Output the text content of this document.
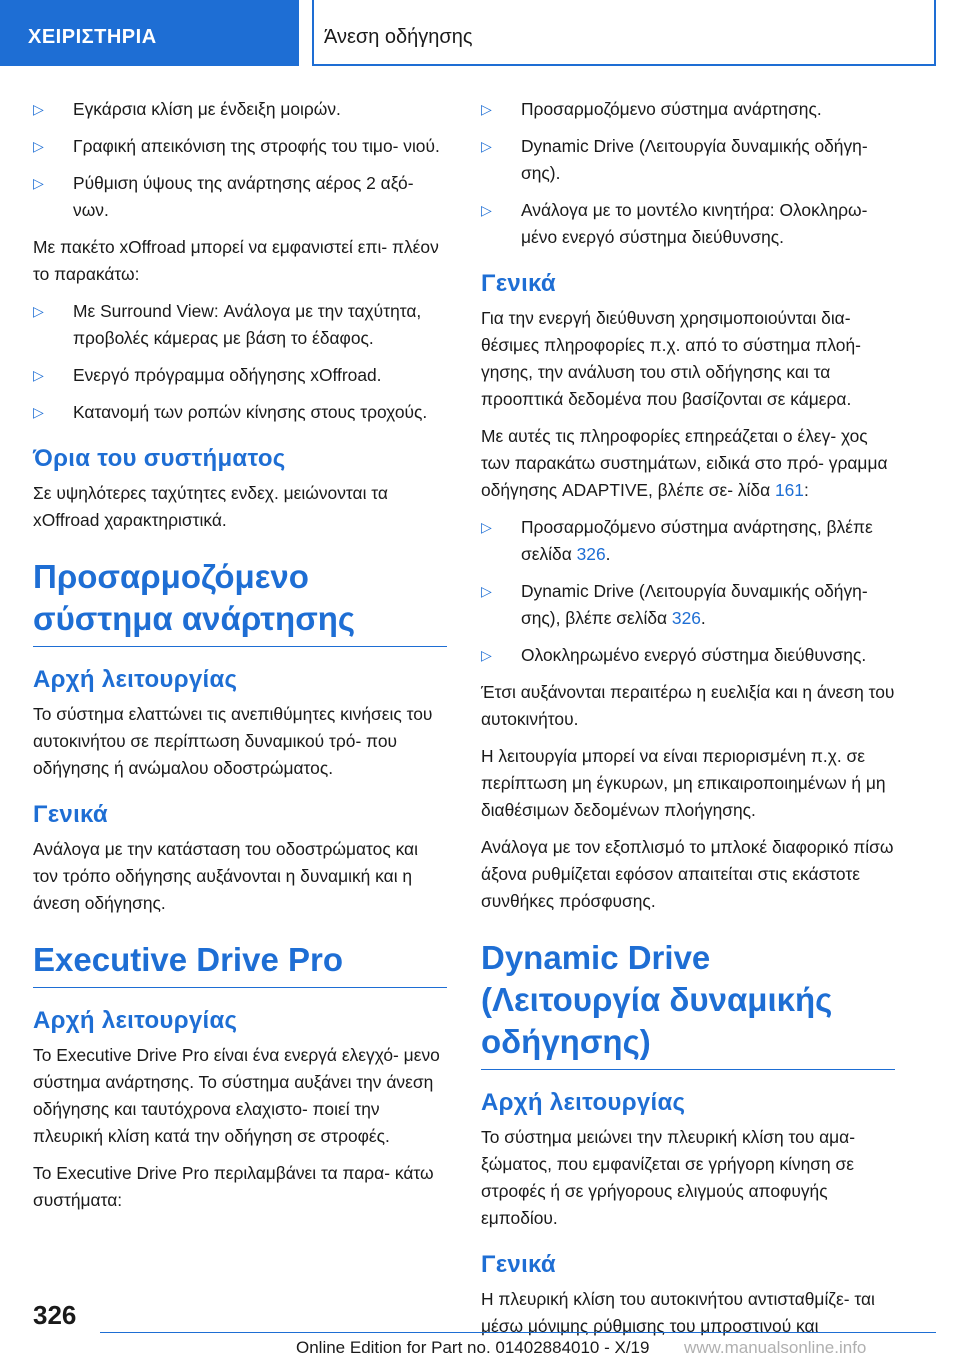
ΧΕΙΡΙΣΤΗΡΙΑ	Άνεση οδήγησης
▷ Εγκάρσια κλίση με ένδειξη μοιρών.
▷ Γραφική απεικόνιση της στροφής του τιμο- νιού.
▷ Ρύθμιση ύψους της ανάρτησης αέρος 2 αξό- νων.

Με πακέτο xOffroad μπορεί να εμφανιστεί επι- πλέον το παρακάτω:

▷ Με Surround View: Ανάλογα με την ταχύτητα, προβολές κάμερας με βάση το έδαφος.
▷ Ενεργό πρόγραμμα οδήγησης xOffroad.
▷ Κατανομή των ροπών κίνησης στους τροχούς.
Όρια του συστήματος

Σε υψηλότερες ταχύτητες ενδεχ. μειώνονται τα xOffroad χαρακτηριστικά.

Προσαρμοζόμενο σύστημα ανάρτησης
Αρχή λειτουργίας

Το σύστημα ελαττώνει τις ανεπιθύμητες κινήσεις του αυτοκινήτου σε περίπτωση δυναμικού τρό- που οδήγησης ή ανώμαλου οδοστρώματος.

Γενικά

Ανάλογα με την κατάσταση του οδοστρώματος και τον τρόπο οδήγησης αυξάνονται η δυναμική και η άνεση οδήγησης.

Executive Drive Pro
Αρχή λειτουργίας

Το Executive Drive Pro είναι ένα ενεργά ελεγχό- μενο σύστημα ανάρτησης. Το σύστημα αυξάνει την άνεση οδήγησης και ταυτόχρονα ελαχιστο- ποιεί την πλευρική κλίση κατά την οδήγηση σε στροφές.

Το Executive Drive Pro περιλαμβάνει τα παρα- κάτω συστήματα:

▷ Προσαρμοζόμενο σύστημα ανάρτησης.
▷ Dynamic Drive (Λειτουργία δυναμικής οδήγη- σης).
▷ Ανάλογα με το μοντέλο κινητήρα: Ολοκληρω- μένο ενεργό σύστημα διεύθυνσης.
Γενικά

Για την ενεργή διεύθυνση χρησιμοποιούνται δια- θέσιμες πληροφορίες π.χ. από το σύστημα πλοή- γησης, την ανάλυση του στιλ οδήγησης και τα προοπτικά δεδομένα που βασίζονται σε κάμερα.

Με αυτές τις πληροφορίες επηρεάζεται ο έλεγ- χος των παρακάτω συστημάτων, ειδικά στο πρό- γραμμα οδήγησης ADAPTIVE, βλέπε σε- λίδα 161:

▷ Προσαρμοζόμενο σύστημα ανάρτησης, βλέπε σελίδα 326.
▷ Dynamic Drive (Λειτουργία δυναμικής οδήγη- σης), βλέπε σελίδα 326.
▷ Ολοκληρωμένο ενεργό σύστημα διεύθυνσης.

Έτσι αυξάνονται περαιτέρω η ευελιξία και η άνεση του αυτοκινήτου.

Η λειτουργία μπορεί να είναι περιορισμένη π.χ. σε περίπτωση μη έγκυρων, μη επικαιροποιημένων ή μη διαθέσιμων δεδομένων πλοήγησης.

Ανάλογα με τον εξοπλισμό το μπλοκέ διαφορικό πίσω άξονα ρυθμίζεται εφόσον απαιτείται στις εκάστοτε συνθήκες πρόσφυσης.

Dynamic Drive (Λειτουργία δυναμικής οδήγησης)
Αρχή λειτουργίας

Το σύστημα μειώνει την πλευρική κλίση του αμα- ξώματος, που εμφανίζεται σε γρήγορη κίνηση σε στροφές ή σε γρήγορους ελιγμούς αποφυγής εμποδίου.

Γενικά

Η πλευρική κλίση του αυτοκινήτου αντισταθμίζε- ται μέσω μόνιμης ρύθμισης του μπροστινού και

326
Online Edition for Part no. 01402884010 - X/19 www.manualsonline.info
